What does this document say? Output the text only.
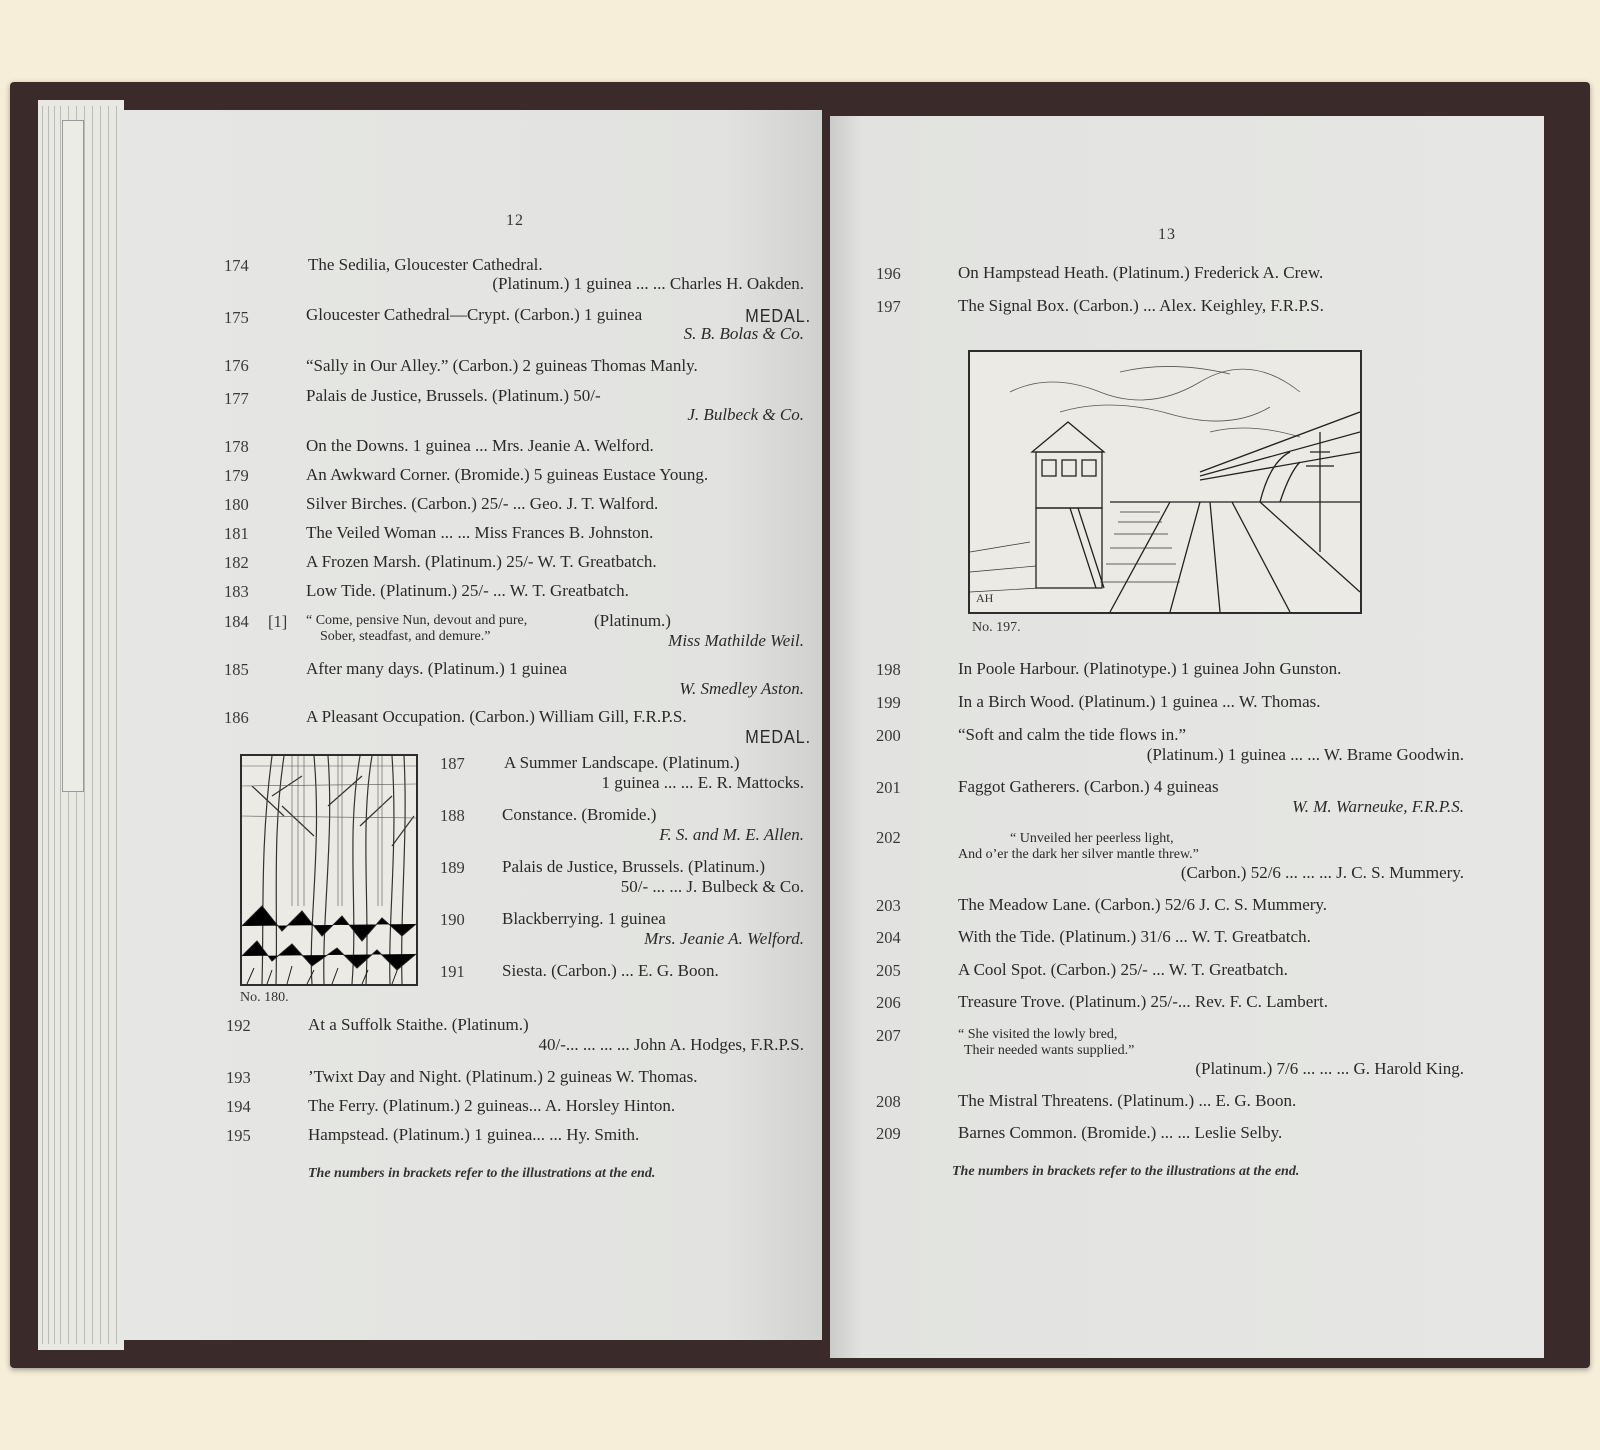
12
174	The Sedilia, Gloucester Cathedral.
(Platinum.) 1 guinea ... ... Charles H. Oakden.
175	Gloucester Cathedral—Crypt. (Carbon.) 1 guinea	MEDAL.
S. B. Bolas & Co.
176	“Sally in Our Alley.” (Carbon.) 2 guineas Thomas Manly.
177	Palais de Justice, Brussels. (Platinum.) 50/-
J. Bulbeck & Co.
178	On the Downs. 1 guinea ... Mrs. Jeanie A. Welford.
179	An Awkward Corner. (Bromide.) 5 guineas Eustace Young.
180	Silver Birches. (Carbon.) 25/- ... Geo. J. T. Walford.
181	The Veiled Woman ... ... Miss Frances B. Johnston.
182	A Frozen Marsh. (Platinum.) 25/- W. T. Greatbatch.
183	Low Tide. (Platinum.) 25/- ... W. T. Greatbatch.
184 [1] “ Come, pensive Nun, devout and pure,
Sober, steadfast, and demure.”
(Platinum.)
Miss Mathilde Weil.
185	After many days. (Platinum.) 1 guinea
W. Smedley Aston.
186	A Pleasant Occupation. (Carbon.) William Gill, F.R.P.S.
MEDAL.
No. 180.
187 A Summer Landscape. (Platinum.)
1 guinea ... ... E. R. Mattocks.
188 Constance. (Bromide.)
F. S. and M. E. Allen.
189 Palais de Justice, Brussels. (Platinum.)
50/- ... ... J. Bulbeck & Co.
190 Blackberrying. 1 guinea
Mrs. Jeanie A. Welford.
191 Siesta. (Carbon.) ... E. G. Boon.
192	At a Suffolk Staithe. (Platinum.)
40/-... ... ... ... John A. Hodges, F.R.P.S.
193	’Twixt Day and Night. (Platinum.) 2 guineas W. Thomas.
194	The Ferry. (Platinum.) 2 guineas... A. Horsley Hinton.
195	Hampstead. (Platinum.) 1 guinea... ... Hy. Smith.
The numbers in brackets refer to the illustrations at the end.
13
196	On Hampstead Heath. (Platinum.) Frederick A. Crew.
197	The Signal Box. (Carbon.) ... Alex. Keighley, F.R.P.S.
AH
No. 197.
198	In Poole Harbour. (Platinotype.) 1 guinea John Gunston.
199	In a Birch Wood. (Platinum.) 1 guinea ... W. Thomas.
200	“Soft and calm the tide flows in.”
(Platinum.) 1 guinea ... ... W. Brame Goodwin.
201	Faggot Gatherers. (Carbon.) 4 guineas
W. M. Warneuke, F.R.P.S.
202	“ Unveiled her peerless light,
And o’er the dark her silver mantle threw.”
(Carbon.) 52/6 ... ... ... J. C. S. Mummery.
203	The Meadow Lane. (Carbon.) 52/6 J. C. S. Mummery.
204	With the Tide. (Platinum.) 31/6 ... W. T. Greatbatch.
205	A Cool Spot. (Carbon.) 25/- ... W. T. Greatbatch.
206	Treasure Trove. (Platinum.) 25/-... Rev. F. C. Lambert.
207	“ She visited the lowly bred,
Their needed wants supplied.”
(Platinum.) 7/6 ... ... ... G. Harold King.
208	The Mistral Threatens. (Platinum.) ... E. G. Boon.
209	Barnes Common. (Bromide.) ... ... Leslie Selby.
The numbers in brackets refer to the illustrations at the end.
